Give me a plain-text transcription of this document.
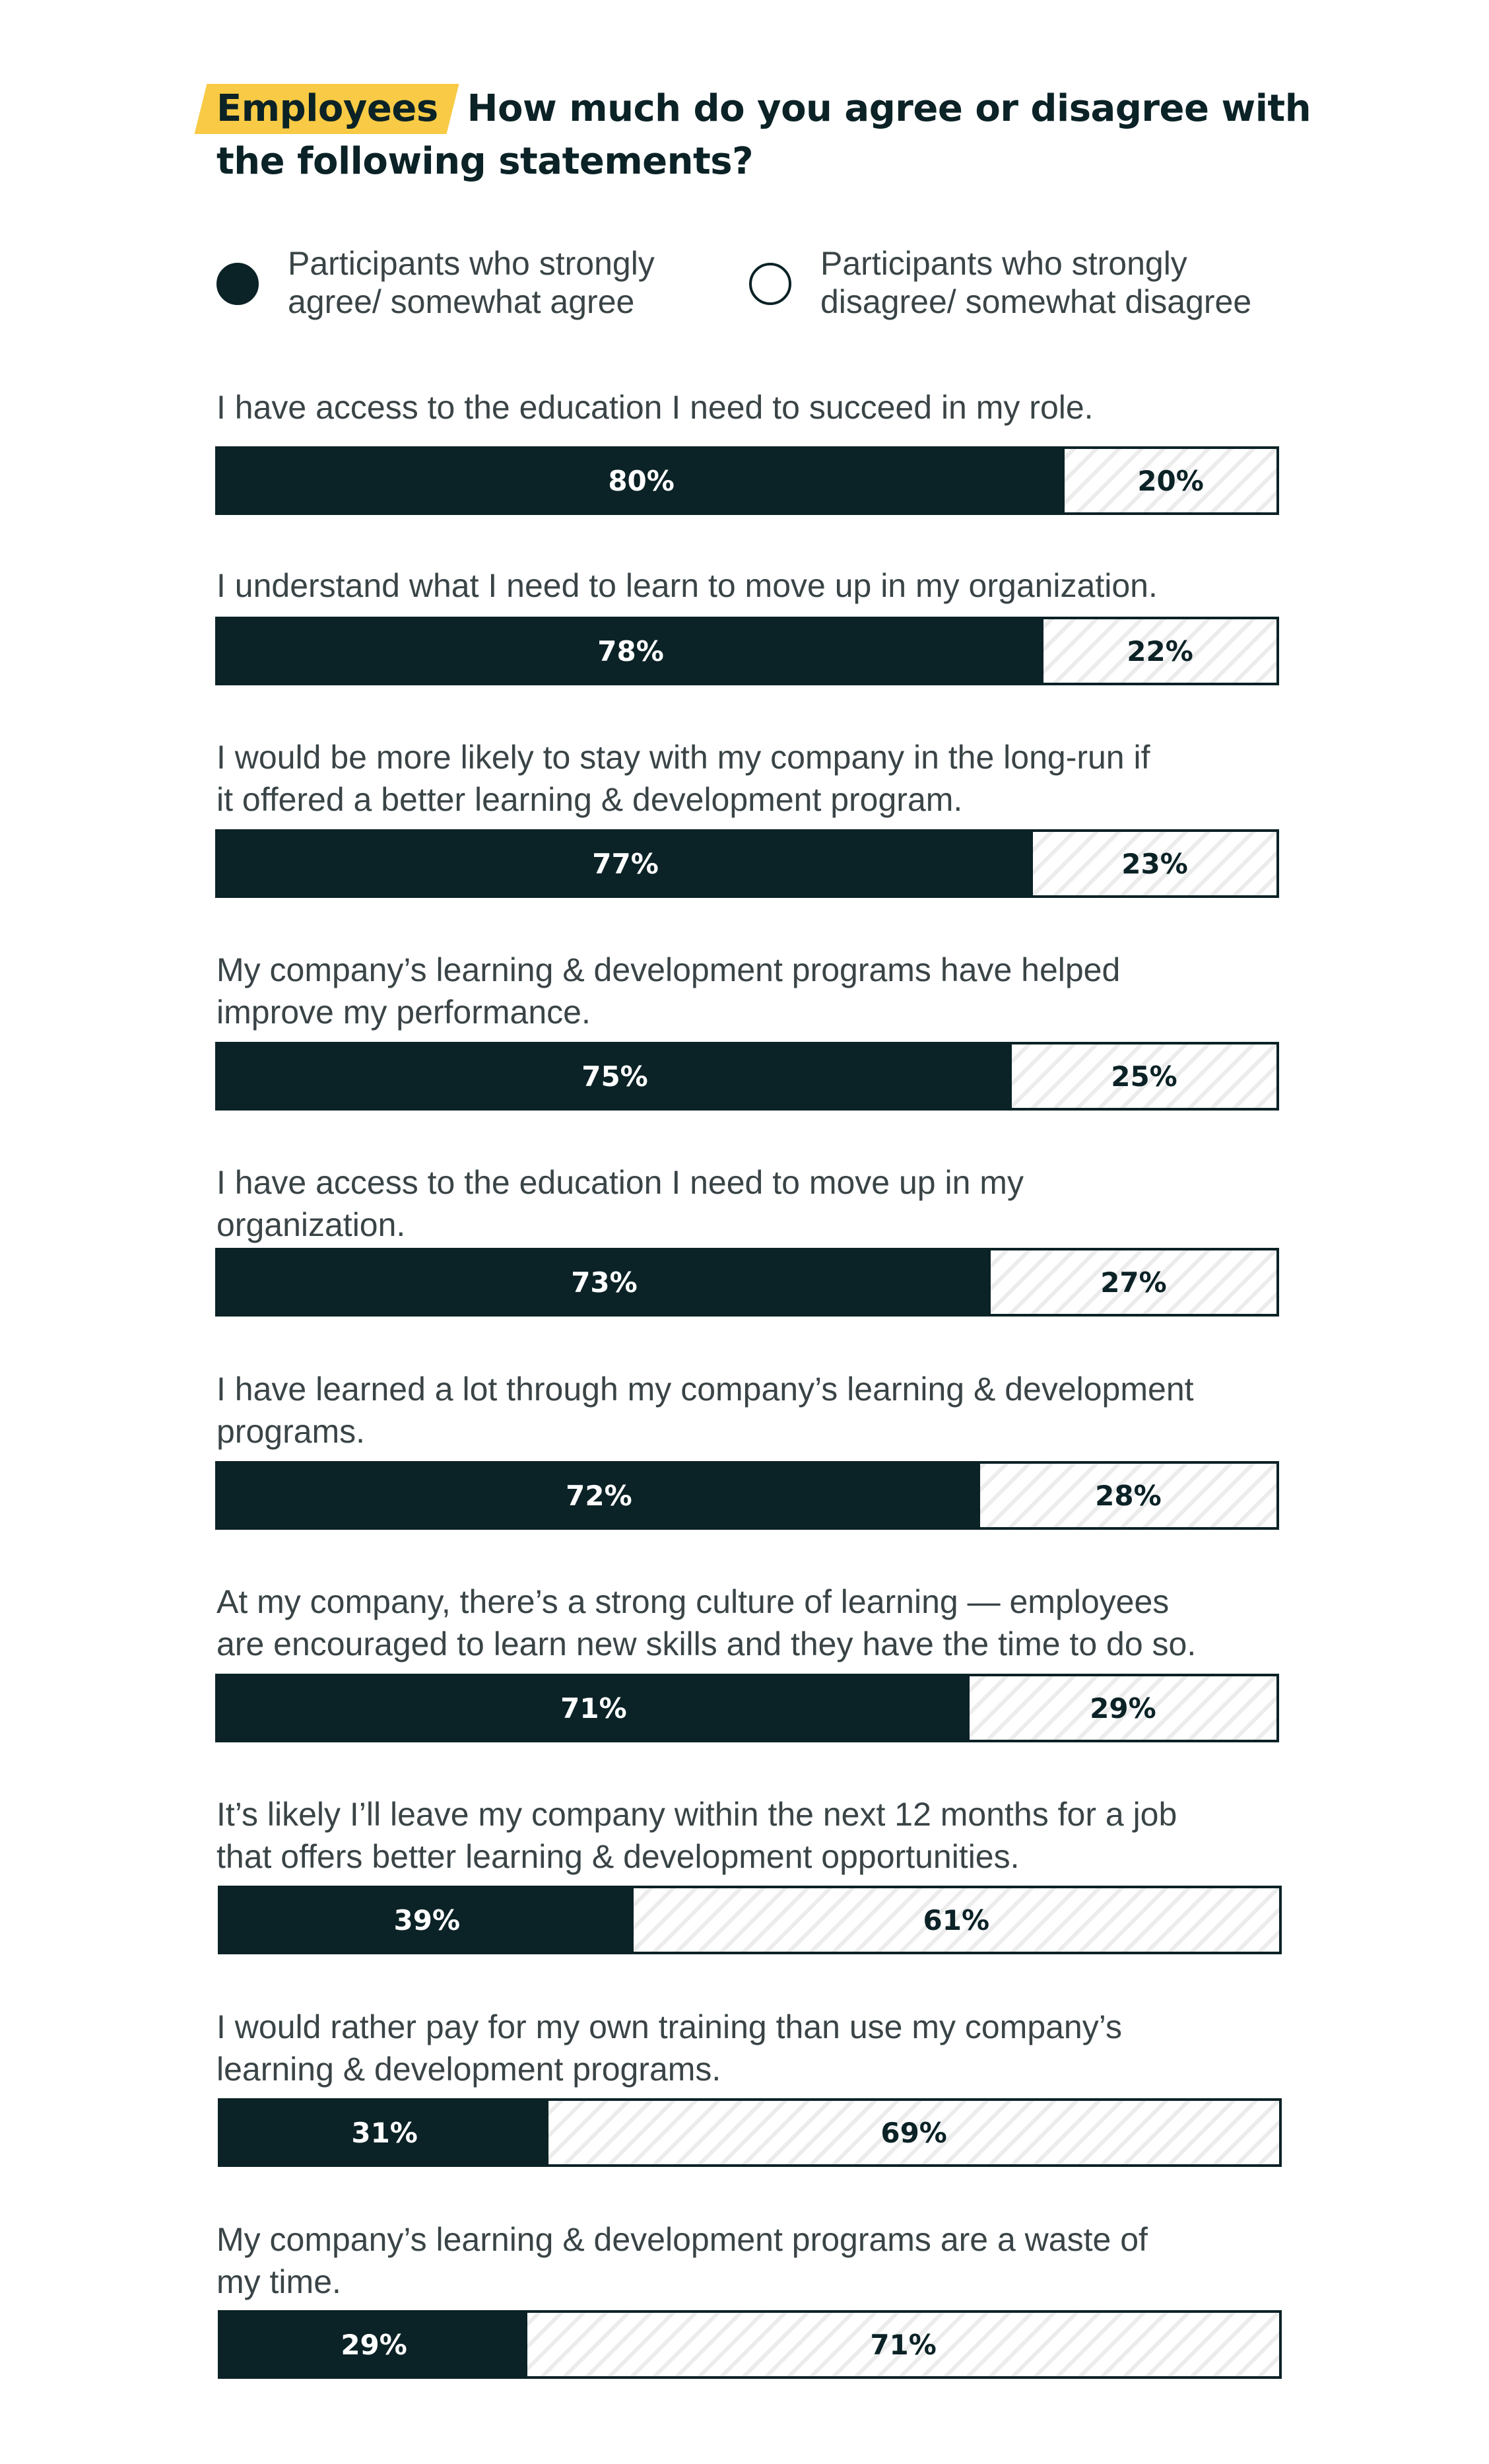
Employees How much do you agree or disagree with the following statements?
Participants who strongly
agree/ somewhat agree
Participants who strongly
disagree/ somewhat disagree
I have access to the education I need to succeed in my role.
80%	20%
I understand what I need to learn to move up in my organization.
78%	22%
I would be more likely to stay with my company in the long-run if
it offered a better learning & development program.
77%	23%
My company’s learning & development programs have helped
improve my performance.
75%	25%
I have access to the education I need to move up in my
organization.
73%	27%
I have learned a lot through my company’s learning & development
programs.
72%	28%
At my company, there’s a strong culture of learning — employees
are encouraged to learn new skills and they have the time to do so.
71%	29%
It’s likely I’ll leave my company within the next 12 months for a job
that offers better learning & development opportunities.
39%	61%
I would rather pay for my own training than use my company’s
learning & development programs.
31%	69%
My company’s learning & development programs are a waste of
my time.
29%	71%
